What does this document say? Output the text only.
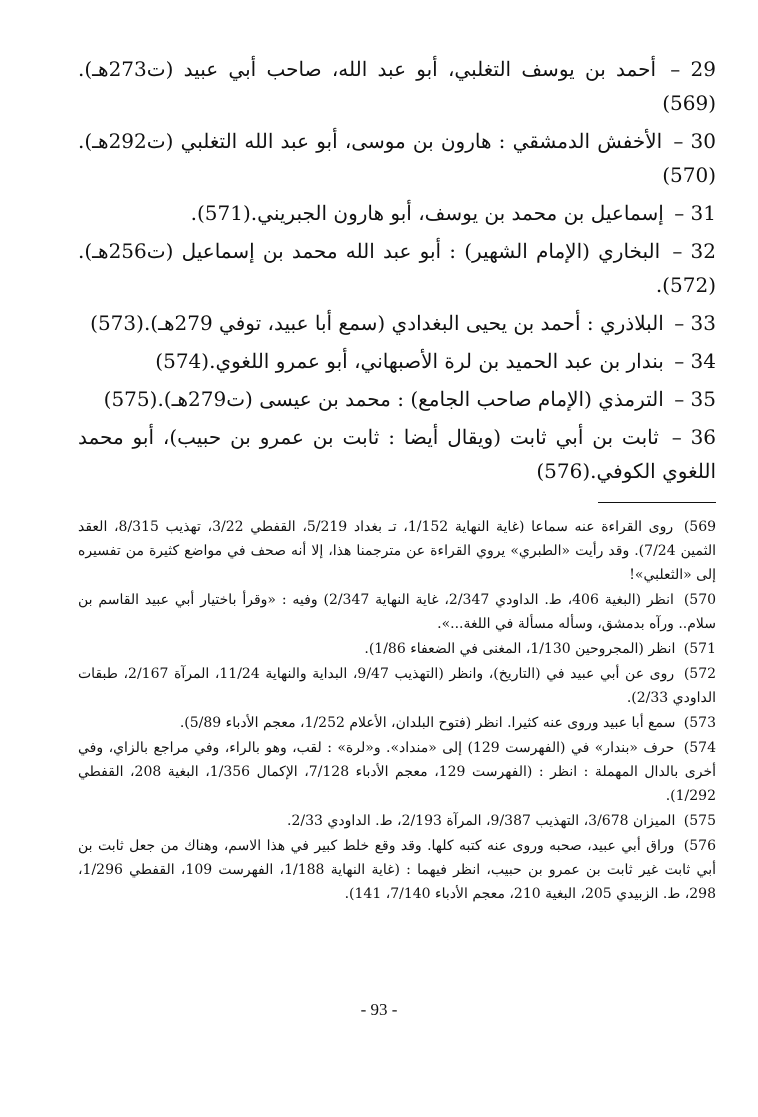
29 – أحمد بن يوسف التغلبي، أبو عبد الله، صاحب أبي عبيد (ت273هـ).(569)

30 – الأخفش الدمشقي : هارون بن موسى، أبو عبد الله التغلبي (ت292هـ).(570)

31 – إسماعيل بن محمد بن يوسف، أبو هارون الجبريني.(571).

32 – البخاري (الإمام الشهير) : أبو عبد الله محمد بن إسماعيل (ت256هـ).(572).

33 – البلاذري : أحمد بن يحيى البغدادي (سمع أبا عبيد، توفي 279هـ).(573)

34 – بندار بن عبد الحميد بن لرة الأصبهاني، أبو عمرو اللغوي.(574)

35 – الترمذي (الإمام صاحب الجامع) : محمد بن عيسى (ت279هـ).(575)

36 – ثابت بن أبي ثابت (ويقال أيضا : ثابت بن عمرو بن حبيب)، أبو محمد اللغوي الكوفي.(576)

569) روى القراءة عنه سماعا (غاية النهاية 1/152، تـ بغداد 5/219، القفطي 3/22، تهذيب 8/315، العقد الثمين 7/24). وقد رأيت «الطبري» يروي القراءة عن مترجمنا هذا، إلا أنه صحف في مواضع كثيرة من تفسيره إلى «الثعلبي»!

570) انظر (البغية 406، ط. الداودي 2/347، غاية النهاية 2/347) وفيه : «وقرأ باختيار أبي عبيد القاسم بن سلام.. ورآه بدمشق، وسأله مسألة في اللغة...».

571) انظر (المجروحين 1/130، المغنى في الضعفاء 1/86).

572) روى عن أبي عبيد في (التاريخ)، وانظر (التهذيب 9/47، البداية والنهاية 11/24، المرآة 2/167، طبقات الداودي 2/33).

573) سمع أبا عبيد وروى عنه كثيرا. انظر (فتوح البلدان، الأعلام 1/252، معجم الأدباء 5/89).

574) حرف «بندار» في (الفهرست 129) إلى «منداد». و«لرة» : لقب، وهو بالراء، وفي مراجع بالزاي، وفي أخرى بالدال المهملة : انظر : (الفهرست 129، معجم الأدباء 7/128، الإكمال 1/356، البغية 208، القفطي 1/292).

575) الميزان 3/678، التهذيب 9/387، المرآة 2/193، ط. الداودي 2/33.

576) وراق أبي عبيد، صحبه وروى عنه كتبه كلها. وقد وقع خلط كبير في هذا الاسم، وهناك من جعل ثابت بن أبي ثابت غير ثابت بن عمرو بن حبيب، انظر فيهما : (غاية النهاية 1/188، الفهرست 109، القفطي 1/296، 298، ط. الزبيدي 205، البغية 210، معجم الأدباء 7/140، 141).

- 93 -
